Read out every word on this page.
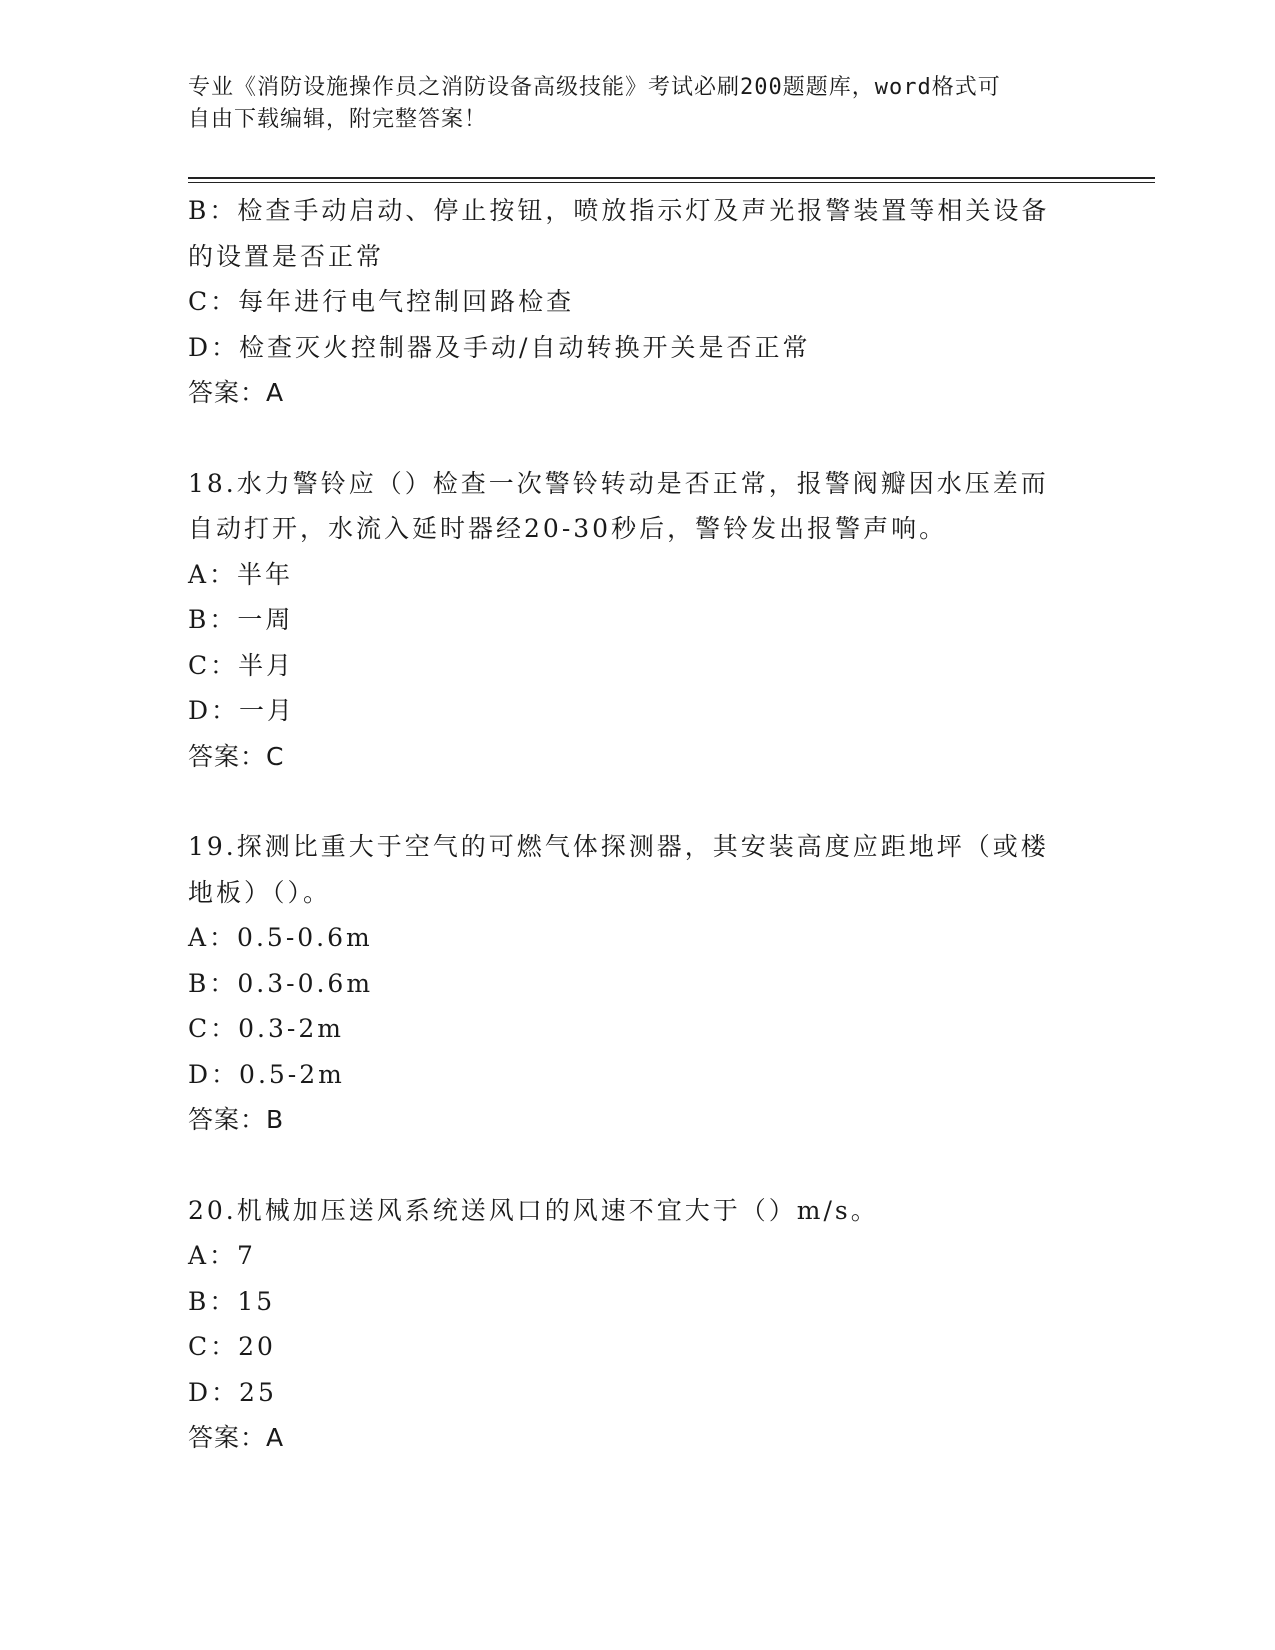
专业《消防设施操作员之消防设备高级技能》考试必刷200题题库，word格式可
自由下载编辑，附完整答案！
B：检查手动启动、停止按钮，喷放指示灯及声光报警装置等相关设备
的设置是否正常
C：每年进行电气控制回路检查
D：检查灭火控制器及手动/自动转换开关是否正常
答案：A
18.水力警铃应（）检查一次警铃转动是否正常，报警阀瓣因水压差而
自动打开，水流入延时器经20-30秒后，警铃发出报警声响。
A：半年
B：一周
C：半月
D：一月
答案：C
19.探测比重大于空气的可燃气体探测器，其安装高度应距地坪（或楼
地板）（）。
A：0.5-0.6m
B：0.3-0.6m
C：0.3-2m
D：0.5-2m
答案：B
20.机械加压送风系统送风口的风速不宜大于（）m/s。
A：7
B：15
C：20
D：25
答案：A
